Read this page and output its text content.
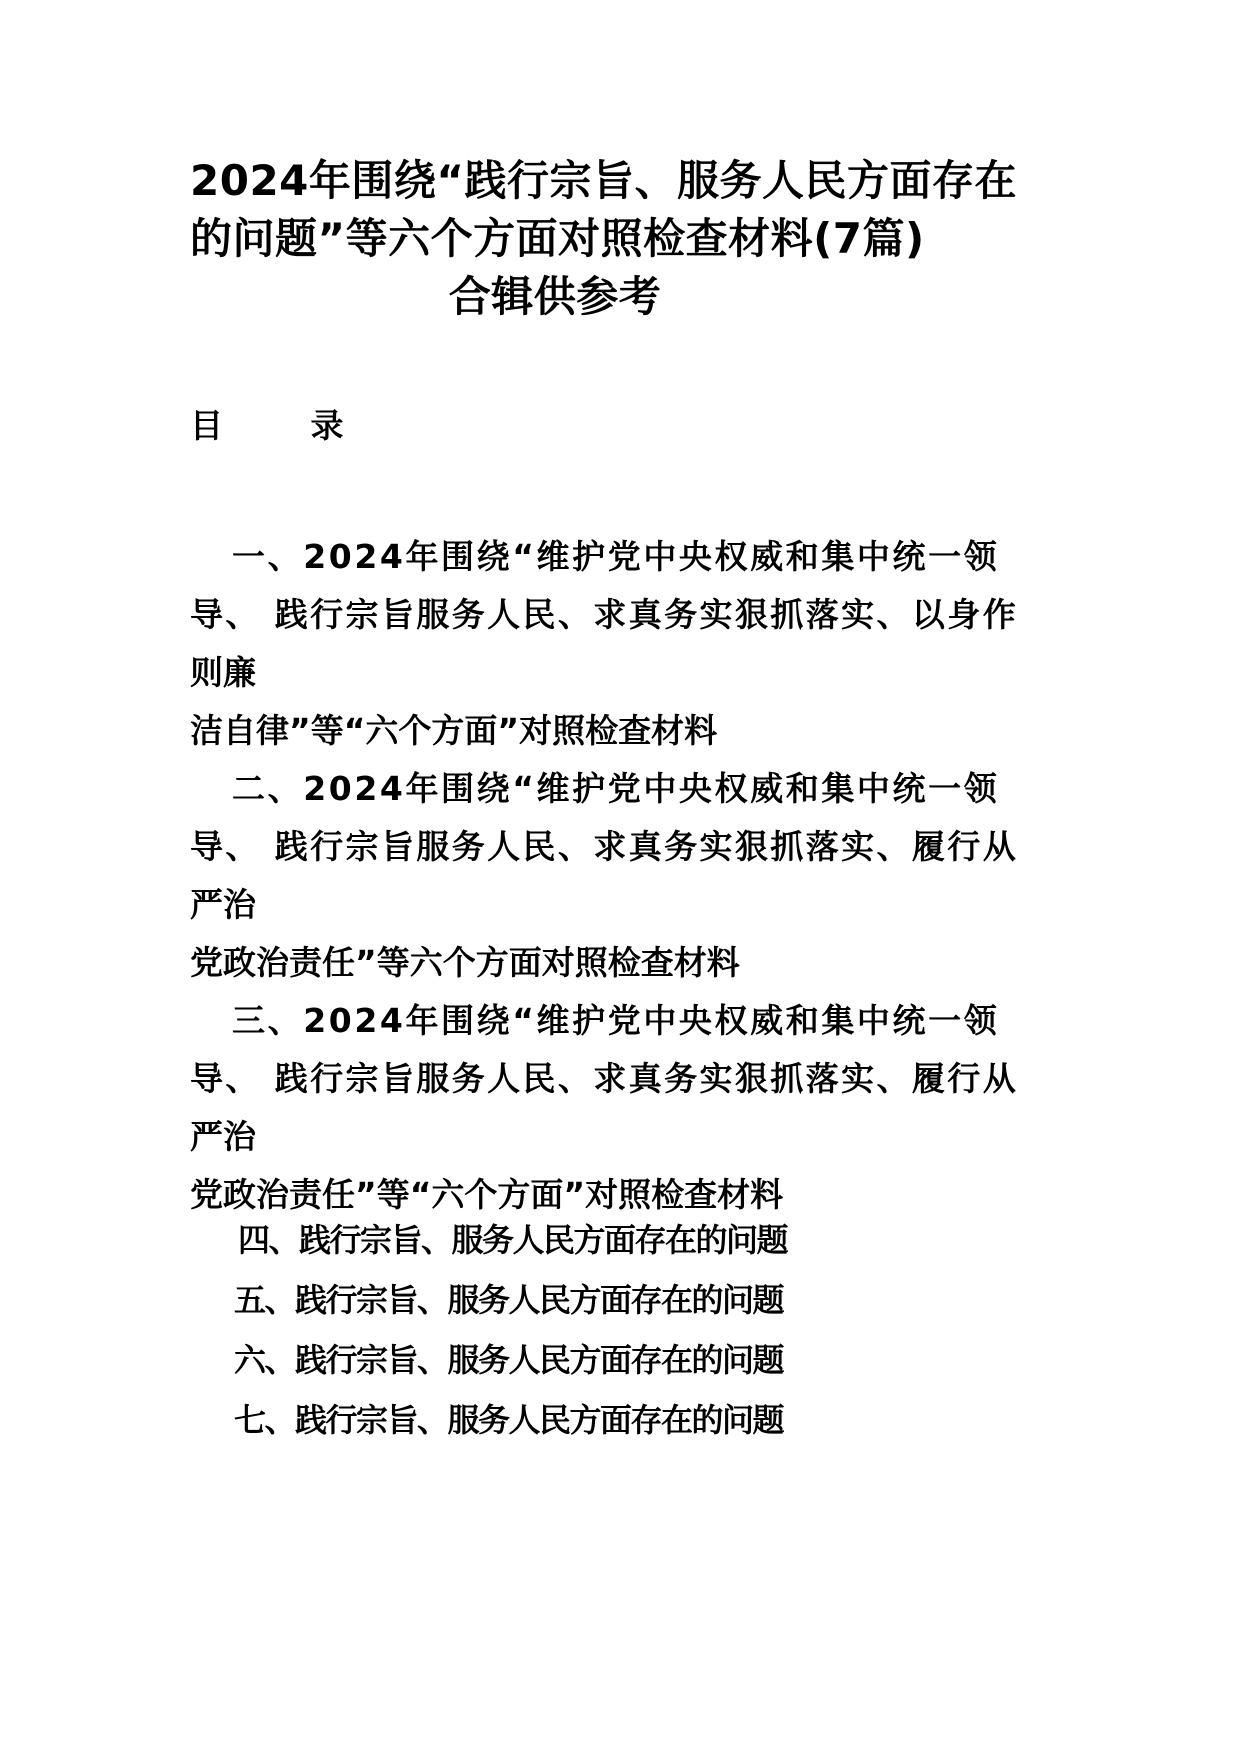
2024年围绕“践行宗旨、服务人民方面存在
的问题”等六个方面对照检查材料(7篇)
合辑供参考
目 录
一、2024年围绕“维护党中央权威和集中统一领
导、 践行宗旨服务人民、求真务实狠抓落实、以身作
则廉
洁自律”等“六个方面”对照检查材料
二、2024年围绕“维护党中央权威和集中统一领
导、 践行宗旨服务人民、求真务实狠抓落实、履行从
严治
党政治责任”等六个方面对照检查材料
三、2024年围绕“维护党中央权威和集中统一领
导、 践行宗旨服务人民、求真务实狠抓落实、履行从
严治
党政治责任”等“六个方面”对照检查材料
四、践行宗旨、服务人民方面存在的问题
五、践行宗旨、服务人民方面存在的问题
六、践行宗旨、服务人民方面存在的问题
七、践行宗旨、服务人民方面存在的问题
